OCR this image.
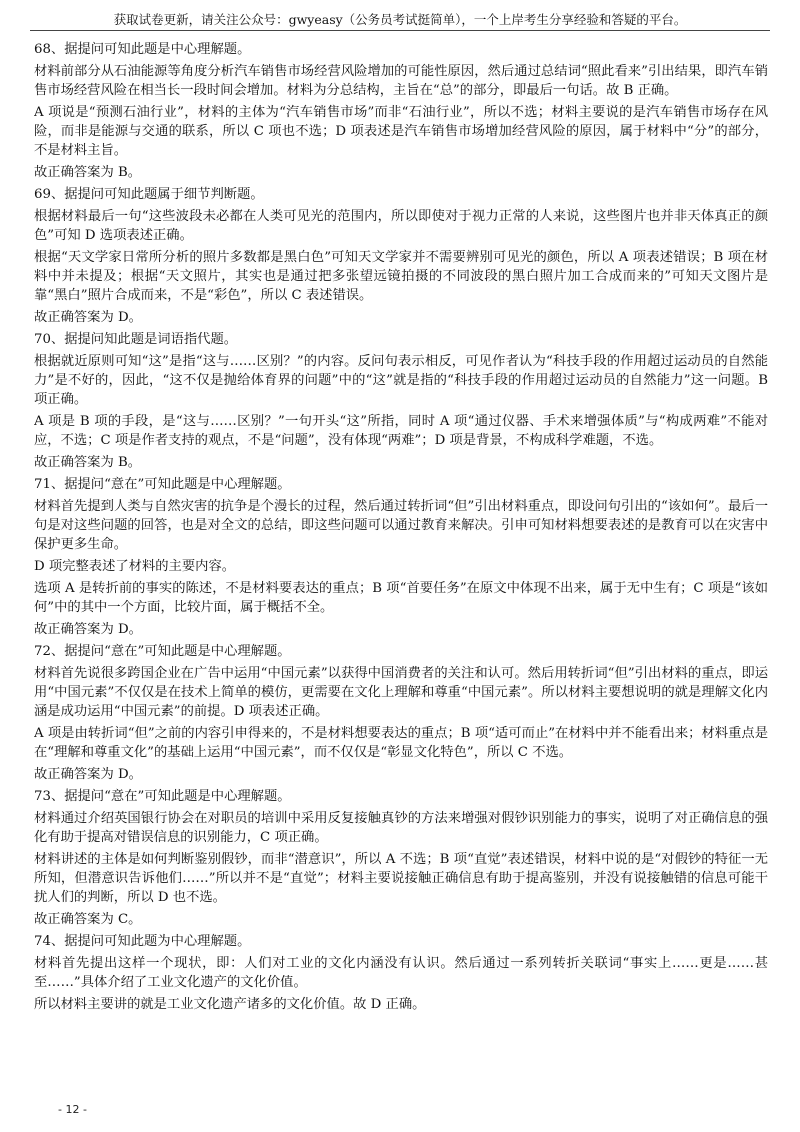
获取试卷更新，请关注公众号：gwyeasy（公务员考试挺简单），一个上岸考生分享经验和答疑的平台。

68、据提问可知此题是中心理解题。

材料前部分从石油能源等角度分析汽车销售市场经营风险增加的可能性原因，然后通过总结词“照此看来”引出结果，即汽车销售市场经营风险在相当长一段时间会增加。材料为分总结构，主旨在“总”的部分，即最后一句话。故 B 正确。

A 项说是“预测石油行业”，材料的主体为“汽车销售市场”而非“石油行业”，所以不选；材料主要说的是汽车销售市场存在风险，而非是能源与交通的联系，所以 C 项也不选；D 项表述是汽车销售市场增加经营风险的原因，属于材料中“分”的部分，不是材料主旨。

故正确答案为 B。

69、据提问可知此题属于细节判断题。

根据材料最后一句“这些波段未必都在人类可见光的范围内，所以即使对于视力正常的人来说，这些图片也并非天体真正的颜色”可知 D 选项表述正确。

根据“天文学家日常所分析的照片多数都是黑白色”可知天文学家并不需要辨别可见光的颜色，所以 A 项表述错误；B 项在材料中并未提及；根据“天文照片，其实也是通过把多张望远镜拍摄的不同波段的黑白照片加工合成而来的”可知天文图片是靠“黑白”照片合成而来，不是“彩色”，所以 C 表述错误。

故正确答案为 D。

70、据提问知此题是词语指代题。

根据就近原则可知“这”是指“这与……区别？”的内容。反问句表示相反，可见作者认为“科技手段的作用超过运动员的自然能力”是不好的，因此，“这不仅是抛给体育界的问题”中的“这”就是指的“科技手段的作用超过运动员的自然能力”这一问题。B 项正确。

A 项是 B 项的手段，是“这与……区别？”一句开头“这”所指，同时 A 项“通过仪器、手术来增强体质”与“构成两难”不能对应，不选；C 项是作者支持的观点，不是“问题”，没有体现“两难”；D 项是背景，不构成科学难题，不选。

故正确答案为 B。

71、据提问“意在”可知此题是中心理解题。

材料首先提到人类与自然灾害的抗争是个漫长的过程，然后通过转折词“但”引出材料重点，即设问句引出的“该如何”。最后一句是对这些问题的回答，也是对全文的总结，即这些问题可以通过教育来解决。引申可知材料想要表述的是教育可以在灾害中保护更多生命。

D 项完整表述了材料的主要内容。

选项 A 是转折前的事实的陈述，不是材料要表达的重点；B 项“首要任务”在原文中体现不出来，属于无中生有；C 项是“该如何”中的其中一个方面，比较片面，属于概括不全。

故正确答案为 D。

72、据提问“意在”可知此题是中心理解题。

材料首先说很多跨国企业在广告中运用“中国元素”以获得中国消费者的关注和认可。然后用转折词“但”引出材料的重点，即运用“中国元素”不仅仅是在技术上简单的模仿，更需要在文化上理解和尊重“中国元素”。所以材料主要想说明的就是理解文化内涵是成功运用“中国元素”的前提。D 项表述正确。

A 项是由转折词“但”之前的内容引申得来的，不是材料想要表达的重点；B 项“适可而止”在材料中并不能看出来；材料重点是在“理解和尊重文化”的基础上运用“中国元素”，而不仅仅是“彰显文化特色”，所以 C 不选。

故正确答案为 D。

73、据提问“意在”可知此题是中心理解题。

材料通过介绍英国银行协会在对职员的培训中采用反复接触真钞的方法来增强对假钞识别能力的事实，说明了对正确信息的强化有助于提高对错误信息的识别能力，C 项正确。

材料讲述的主体是如何判断鉴别假钞，而非“潜意识”，所以 A 不选；B 项“直觉”表述错误，材料中说的是“对假钞的特征一无所知，但潜意识告诉他们……”所以并不是“直觉”；材料主要说接触正确信息有助于提高鉴别，并没有说接触错的信息可能干扰人们的判断，所以 D 也不选。

故正确答案为 C。

74、据提问可知此题为中心理解题。

材料首先提出这样一个现状，即：人们对工业的文化内涵没有认识。然后通过一系列转折关联词“事实上……更是……甚至……”具体介绍了工业文化遗产的文化价值。

所以材料主要讲的就是工业文化遗产诸多的文化价值。故 D 正确。

- 12 -
